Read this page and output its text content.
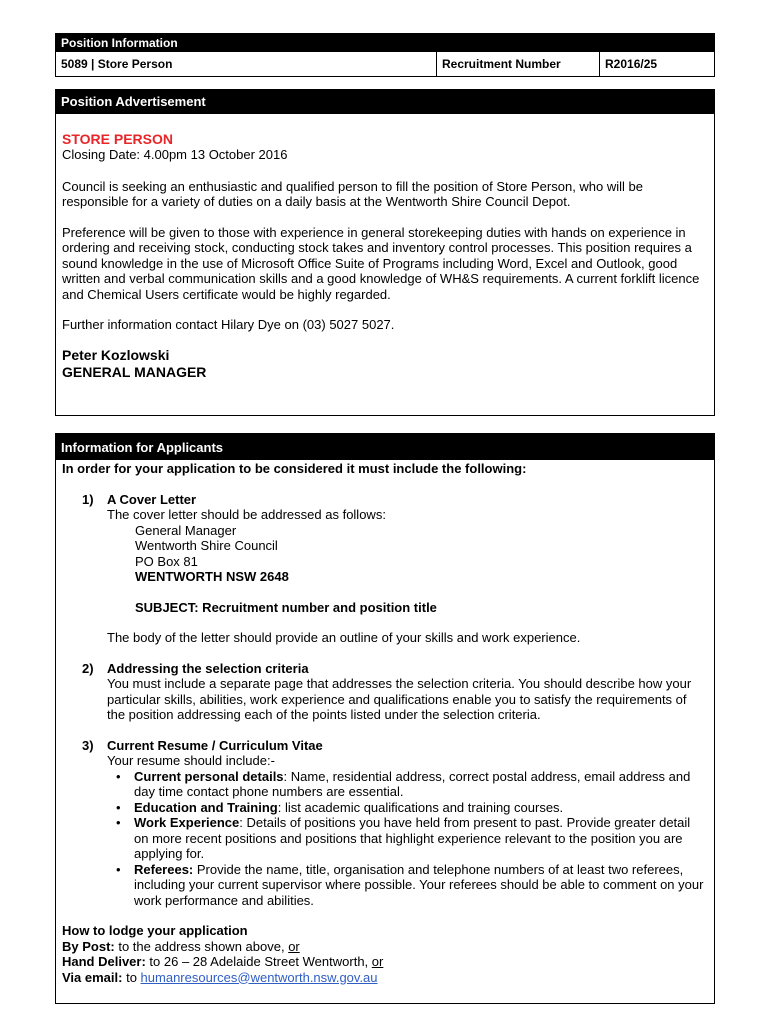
Position Information
5089 | Store Person	Recruitment Number	R2016/25
Position Advertisement
STORE PERSON

Closing Date: 4.00pm 13 October 2016

Council is seeking an enthusiastic and qualified person to fill the position of Store Person, who will be responsible for a variety of duties on a daily basis at the Wentworth Shire Council Depot.

Preference will be given to those with experience in general storekeeping duties with hands on experience in ordering and receiving stock, conducting stock takes and inventory control processes. This position requires a sound knowledge in the use of Microsoft Office Suite of Programs including Word, Excel and Outlook, good written and verbal communication skills and a good knowledge of WH&S requirements. A current forklift licence and Chemical Users certificate would be highly regarded.

Further information contact Hilary Dye on (03) 5027 5027.

Peter Kozlowski
GENERAL MANAGER
Information for Applicants
In order for your application to be considered it must include the following:
1) A Cover Letter
The cover letter should be addressed as follows:
General Manager
Wentworth Shire Council
PO Box 81
WENTWORTH NSW 2648
SUBJECT: Recruitment number and position title
The body of the letter should provide an outline of your skills and work experience.
2) Addressing the selection criteria
You must include a separate page that addresses the selection criteria. You should describe how your particular skills, abilities, work experience and qualifications enable you to satisfy the requirements of the position addressing each of the points listed under the selection criteria.
3) Current Resume / Curriculum Vitae
Your resume should include:-
• Current personal details: Name, residential address, correct postal address, email address and day time contact phone numbers are essential.
• Education and Training: list academic qualifications and training courses.
• Work Experience: Details of positions you have held from present to past. Provide greater detail on more recent positions and positions that highlight experience relevant to the position you are applying for.
• Referees: Provide the name, title, organisation and telephone numbers of at least two referees, including your current supervisor where possible. Your referees should be able to comment on your work performance and abilities.
How to lodge your application
By Post: to the address shown above, or
Hand Deliver: to 26 – 28 Adelaide Street Wentworth, or
Via email: to humanresources@wentworth.nsw.gov.au
